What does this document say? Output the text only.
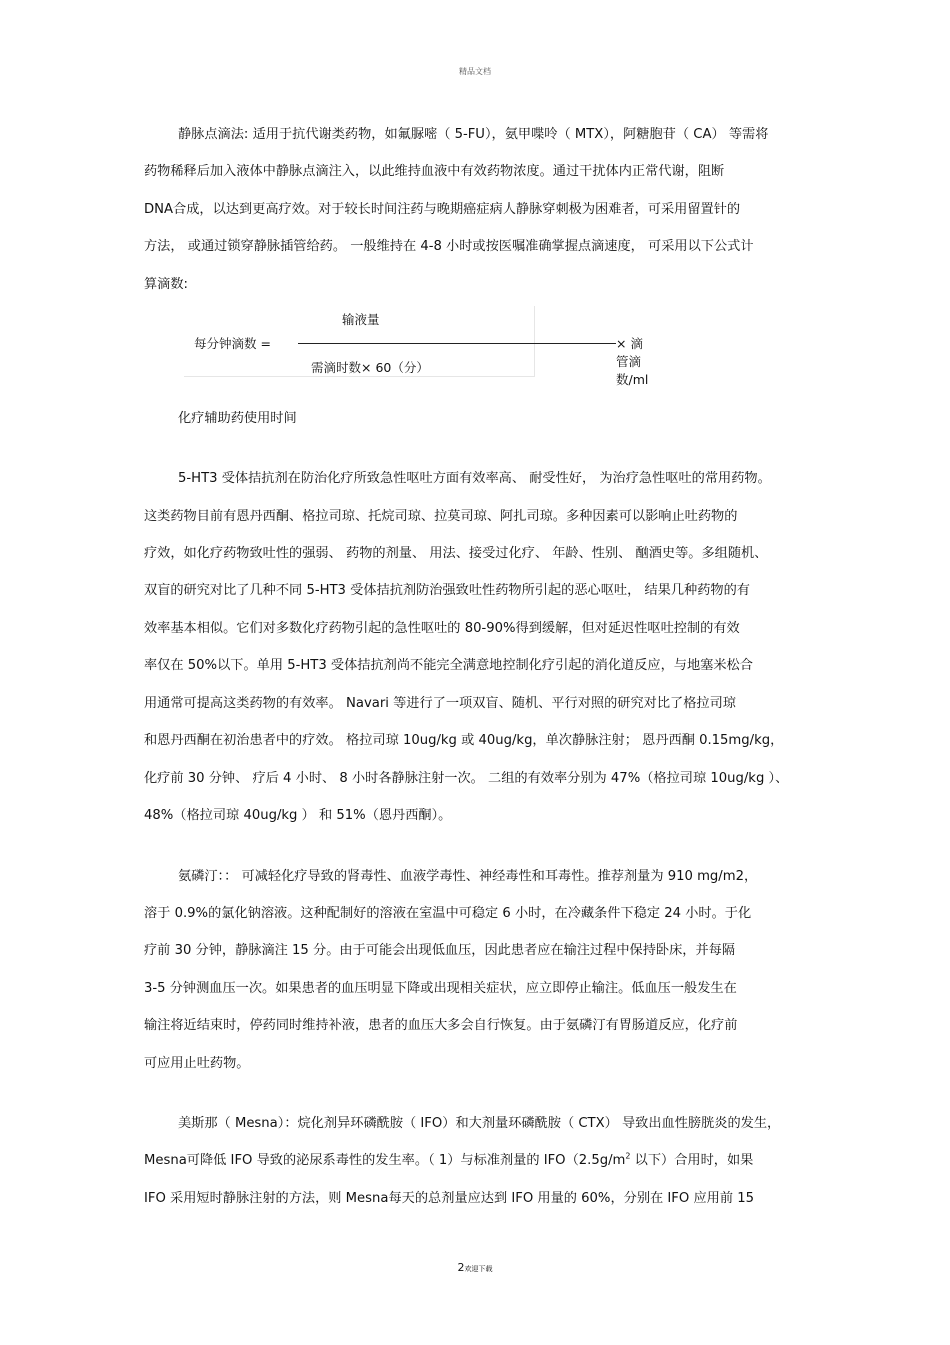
精品文档
静脉点滴法: 适用于抗代谢类药物，如氟脲嘧（ 5-FU），氨甲喋呤（ MTX），阿糖胞苷（ CA） 等需将
药物稀释后加入液体中静脉点滴注入，以此维持血液中有效药物浓度。通过干扰体内正常代谢，阻断
DNA合成，以达到更高疗效。对于较长时间注药与晚期癌症病人静脉穿刺极为困难者，可采用留置针的
方法， 或通过锁穿静脉插管给药。 一般维持在 4-8 小时或按医嘱准确掌握点滴速度， 可采用以下公式计
算滴数:
每分钟滴数 =
输液量
× 滴管滴数/ml
需滴时数× 60（分）
化疗辅助药使用时间
5-HT3 受体拮抗剂在防治化疗所致急性呕吐方面有效率高、 耐受性好， 为治疗急性呕吐的常用药物。
这类药物目前有恩丹西酮、格拉司琼、托烷司琼、拉莫司琼、阿扎司琼。多种因素可以影响止吐药物的
疗效，如化疗药物致吐性的强弱、 药物的剂量、 用法、接受过化疗、 年龄、性别、 酗酒史等。多组随机、
双盲的研究对比了几种不同 5-HT3 受体拮抗剂防治强致吐性药物所引起的恶心呕吐， 结果几种药物的有
效率基本相似。它们对多数化疗药物引起的急性呕吐的 80-90%得到缓解，但对延迟性呕吐控制的有效
率仅在 50%以下。单用 5-HT3 受体拮抗剂尚不能完全满意地控制化疗引起的消化道反应，与地塞米松合
用通常可提高这类药物的有效率。 Navari 等进行了一项双盲、随机、平行对照的研究对比了格拉司琼
和恩丹西酮在初治患者中的疗效。 格拉司琼 10ug/kg 或 40ug/kg，单次静脉注射； 恩丹西酮 0.15mg/kg，
化疗前 30 分钟、 疗后 4 小时、 8 小时各静脉注射一次。 二组的有效率分别为 47%（格拉司琼 10ug/kg ）、
48%（格拉司琼 40ug/kg ） 和 51%（恩丹西酮）。
氨磷汀：： 可减轻化疗导致的肾毒性、血液学毒性、神经毒性和耳毒性。推荐剂量为 910 mg/m2，
溶于 0.9%的氯化钠溶液。这种配制好的溶液在室温中可稳定 6 小时，在冷藏条件下稳定 24 小时。于化
疗前 30 分钟，静脉滴注 15 分。由于可能会出现低血压，因此患者应在输注过程中保持卧床，并每隔
3-5 分钟测血压一次。如果患者的血压明显下降或出现相关症状，应立即停止输注。低血压一般发生在
输注将近结束时，停药同时维持补液，患者的血压大多会自行恢复。由于氨磷汀有胃肠道反应，化疗前
可应用止吐药物。
美斯那（ Mesna）：烷化剂异环磷酰胺（ IFO）和大剂量环磷酰胺（ CTX） 导致出血性膀胱炎的发生，
Mesna可降低 IFO 导致的泌尿系毒性的发生率。（ 1）与标准剂量的 $IFO(2.5g/m^2$ 以下）合用时，如果
IFO 采用短时静脉注射的方法，则 Mesna每天的总剂量应达到 IFO 用量的 60%，分别在 IFO 应用前 15
2欢迎下载
